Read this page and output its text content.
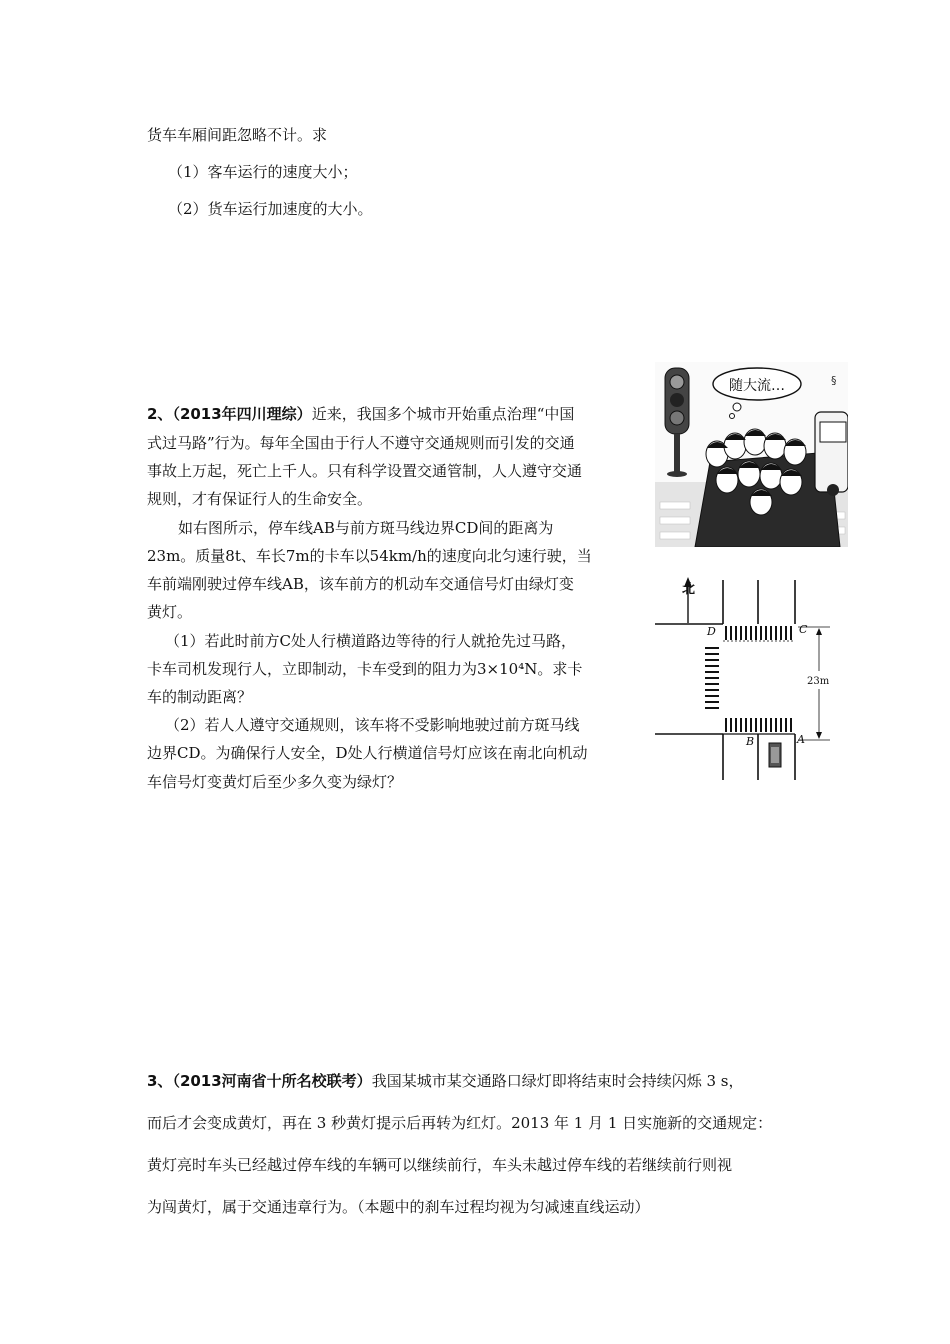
货车车厢间距忽略不计。求
（1）客车运行的速度大小；
（2）货车运行加速度的大小。
2、（2013年四川理综）近来，我国多个城市开始重点治理“中国
式过马路”行为。每年全国由于行人不遵守交通规则而引发的交通
事故上万起，死亡上千人。只有科学设置交通管制，人人遵守交通
规则，才有保证行人的生命安全。
如右图所示，停车线AB与前方斑马线边界CD间的距离为
23m。质量8t、车长7m的卡车以54km/h的速度向北匀速行驶，当
车前端刚驶过停车线AB，该车前方的机动车交通信号灯由绿灯变
黄灯。
（1）若此时前方C处人行横道路边等待的行人就抢先过马路，
卡车司机发现行人，立即制动，卡车受到的阻力为3×10⁴N。求卡
车的制动距离？
（2）若人人遵守交通规则，该车将不受影响地驶过前方斑马线
边界CD。为确保行人安全，D处人行横道信号灯应该在南北向机动
车信号灯变黄灯后至少多久变为绿灯？
随大流…	§
北
D	C
B	A
23m
3、（2013河南省十所名校联考）我国某城市某交通路口绿灯即将结束时会持续闪烁 3 s，
而后才会变成黄灯，再在 3 秒黄灯提示后再转为红灯。2013 年 1 月 1 日实施新的交通规定：
黄灯亮时车头已经越过停车线的车辆可以继续前行，车头未越过停车线的若继续前行则视
为闯黄灯，属于交通违章行为。（本题中的刹车过程均视为匀减速直线运动）
